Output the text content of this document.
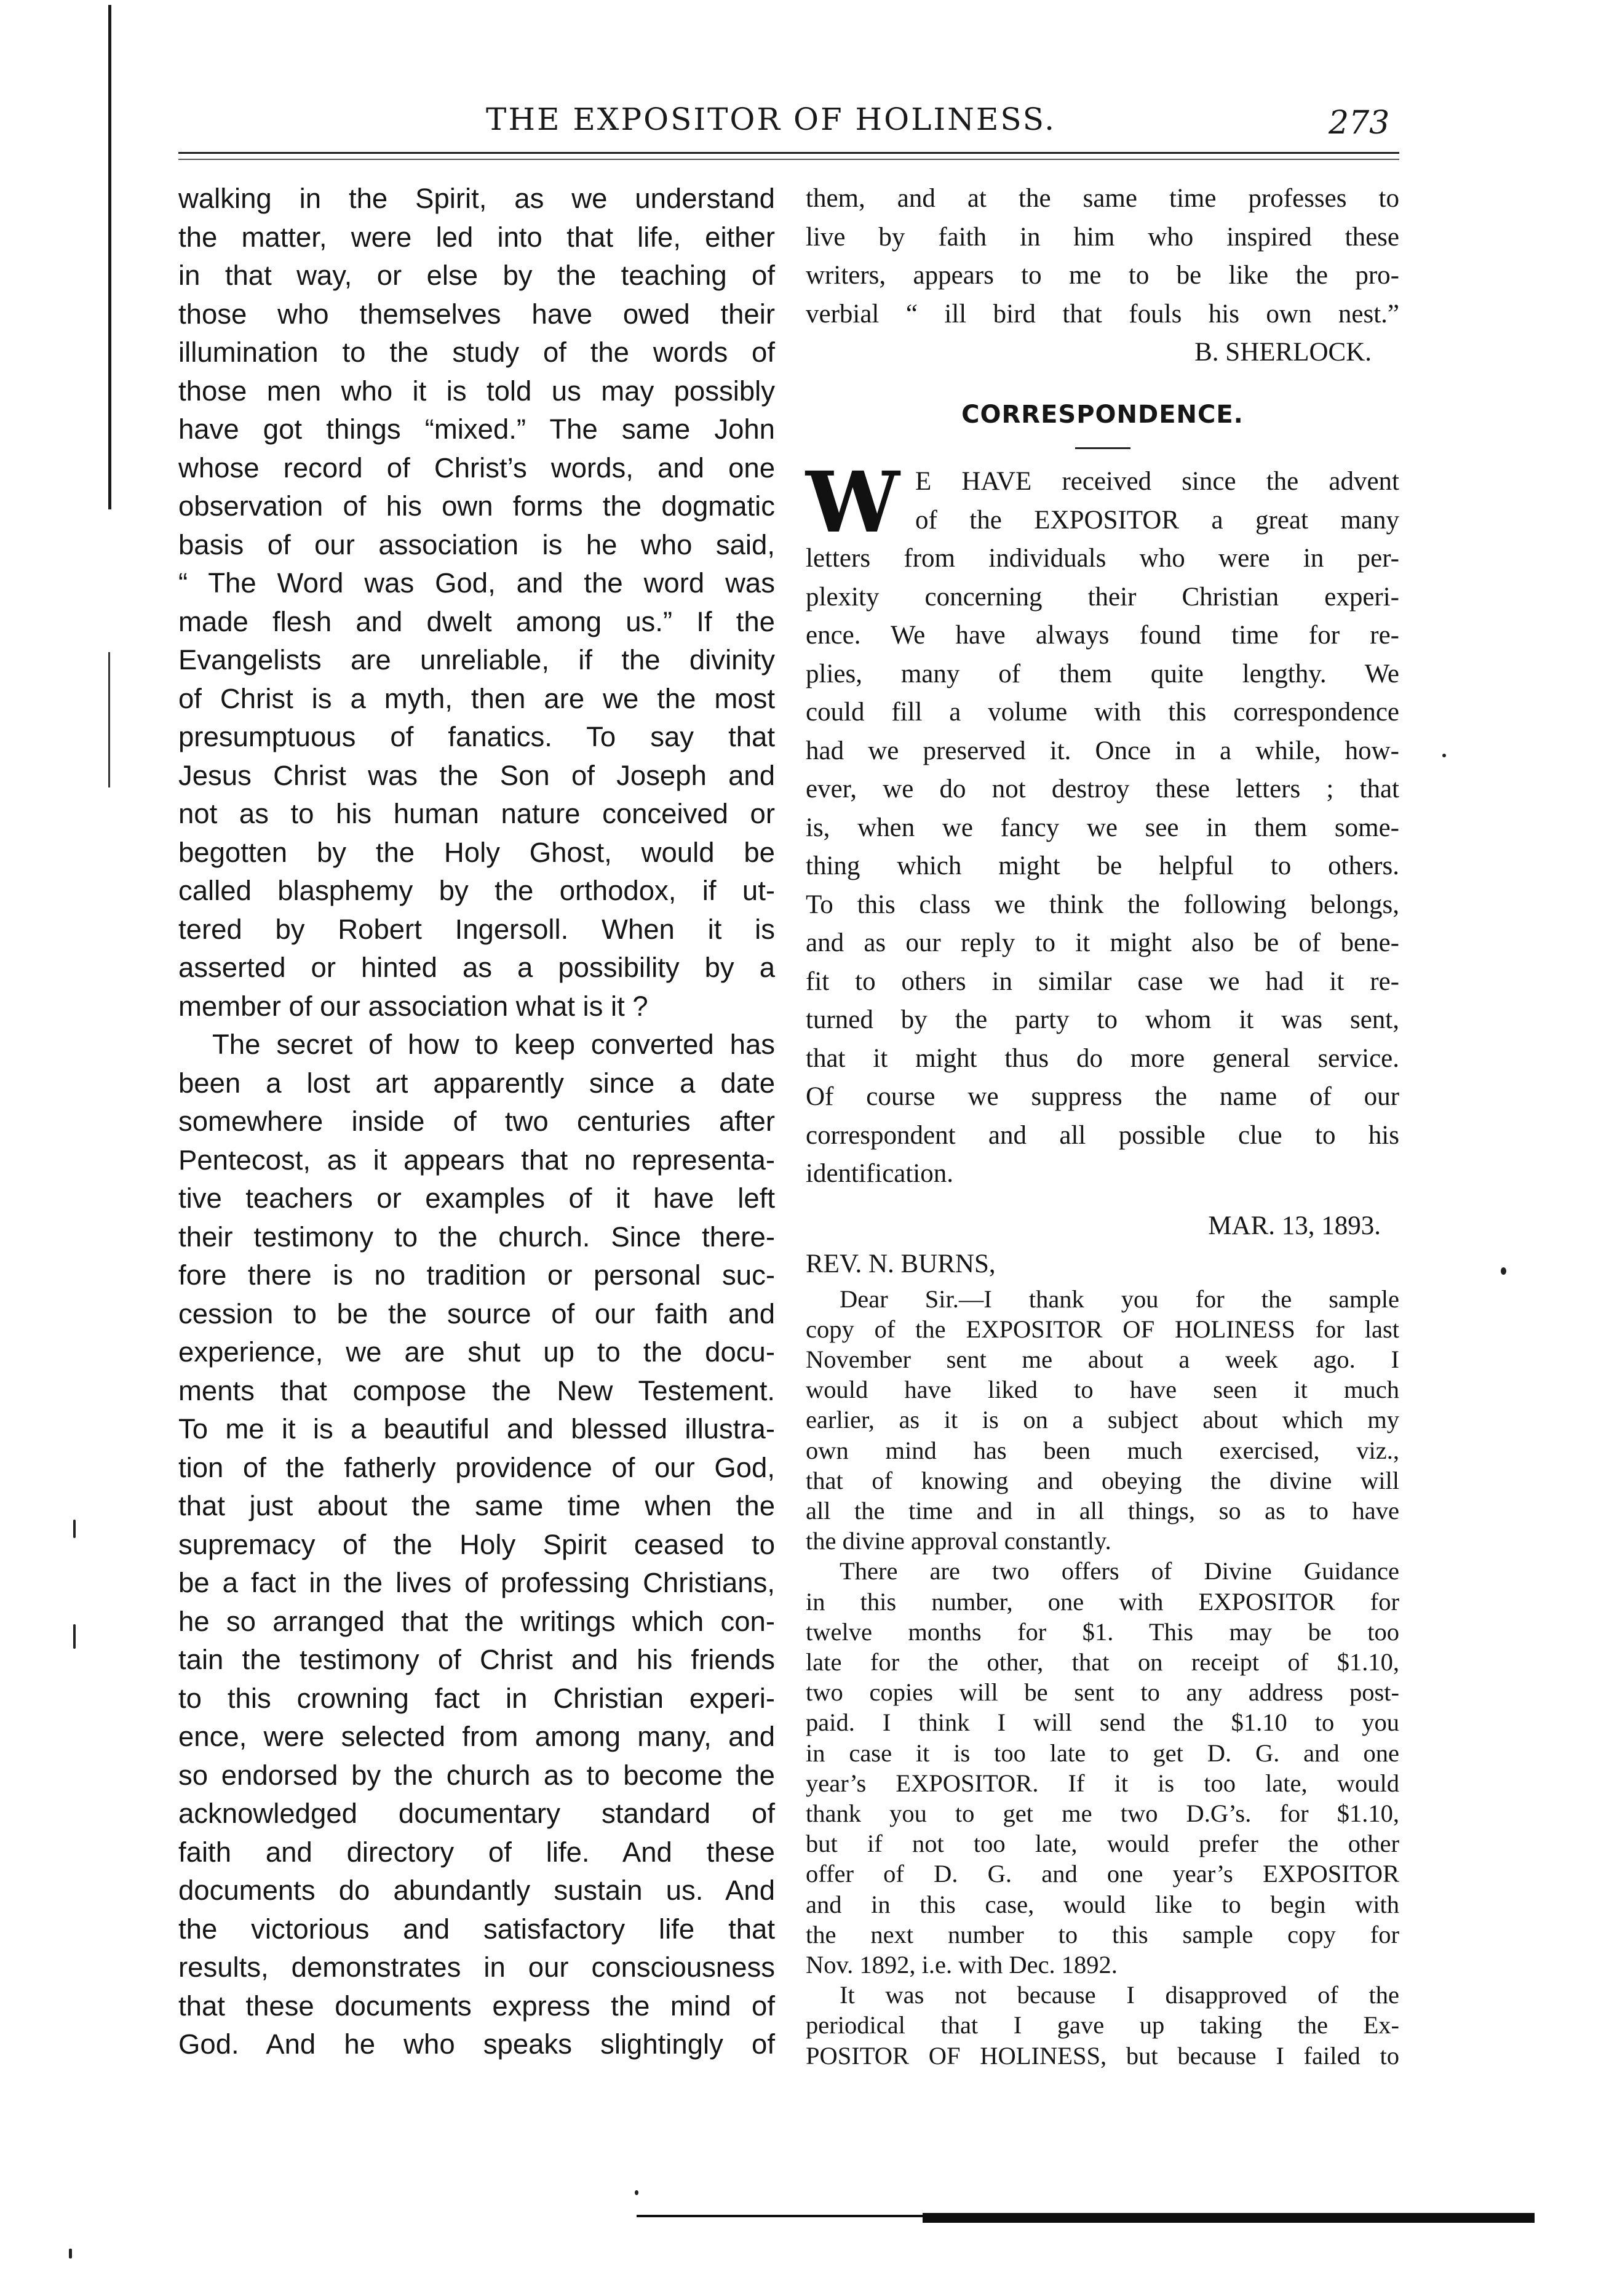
THE EXPOSITOR OF HOLINESS.	273
walking in the Spirit, as we understand
the matter, were led into that life, either
in that way, or else by the teaching of
those who themselves have owed their
illumination to the study of the words of
those men who it is told us may possibly
have got things “mixed.” The same John
whose record of Christ’s words, and one
observation of his own forms the dogmatic
basis of our association is he who said,
“ The Word was God, and the word was
made flesh and dwelt among us.” If the
Evangelists are unreliable, if the divinity
of Christ is a myth, then are we the most
presumptuous of fanatics. To say that
Jesus Christ was the Son of Joseph and
not as to his human nature conceived or
begotten by the Holy Ghost, would be
called blasphemy by the orthodox, if ut-
tered by Robert Ingersoll. When it is
asserted or hinted as a possibility by a
member of our association what is it ?
The secret of how to keep converted has
been a lost art apparently since a date
somewhere inside of two centuries after
Pentecost, as it appears that no representa-
tive teachers or examples of it have left
their testimony to the church. Since there-
fore there is no tradition or personal suc-
cession to be the source of our faith and
experience, we are shut up to the docu-
ments that compose the New Testement.
To me it is a beautiful and blessed illustra-
tion of the fatherly providence of our God,
that just about the same time when the
supremacy of the Holy Spirit ceased to
be a fact in the lives of professing Christians,
he so arranged that the writings which con-
tain the testimony of Christ and his friends
to this crowning fact in Christian experi-
ence, were selected from among many, and
so endorsed by the church as to become the
acknowledged documentary standard of
faith and directory of life. And these
documents do abundantly sustain us. And
the victorious and satisfactory life that
results, demonstrates in our consciousness
that these documents express the mind of
God. And he who speaks slightingly of
them, and at the same time professes to
live by faith in him who inspired these
writers, appears to me to be like the pro-
verbial “ ill bird that fouls his own nest.”
B. SHERLOCK.
CORRESPONDENCE.
W E HAVE received since the advent
of the EXPOSITOR a great many
letters from individuals who were in per-
plexity concerning their Christian experi-
ence. We have always found time for re-
plies, many of them quite lengthy. We
could fill a volume with this correspondence
had we preserved it. Once in a while, how-
ever, we do not destroy these letters ; that
is, when we fancy we see in them some-
thing which might be helpful to others.
To this class we think the following belongs,
and as our reply to it might also be of bene-
fit to others in similar case we had it re-
turned by the party to whom it was sent,
that it might thus do more general service.
Of course we suppress the name of our
correspondent and all possible clue to his
identification.
MAR. 13, 1893.
REV. N. BURNS,
Dear Sir.—I thank you for the sample
copy of the EXPOSITOR OF HOLINESS for last
November sent me about a week ago. I
would have liked to have seen it much
earlier, as it is on a subject about which my
own mind has been much exercised, viz.,
that of knowing and obeying the divine will
all the time and in all things, so as to have
the divine approval constantly.
There are two offers of Divine Guidance
in this number, one with EXPOSITOR for
twelve months for $1. This may be too
late for the other, that on receipt of $1.10,
two copies will be sent to any address post-
paid. I think I will send the $1.10 to you
in case it is too late to get D. G. and one
year’s EXPOSITOR. If it is too late, would
thank you to get me two D.G’s. for $1.10,
but if not too late, would prefer the other
offer of D. G. and one year’s EXPOSITOR
and in this case, would like to begin with
the next number to this sample copy for
Nov. 1892, i.e. with Dec. 1892.
It was not because I disapproved of the
periodical that I gave up taking the Ex-
POSITOR OF HOLINESS, but because I failed to
